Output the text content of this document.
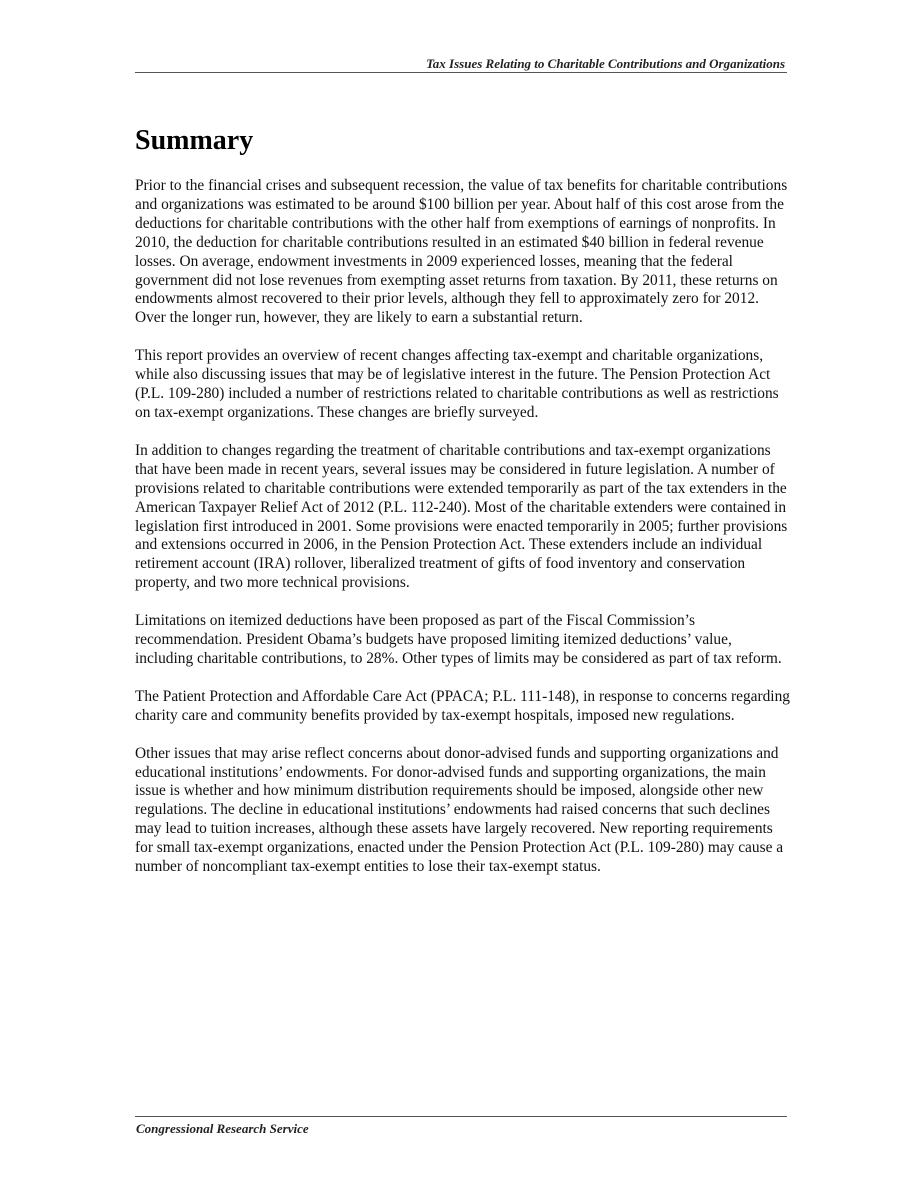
Tax Issues Relating to Charitable Contributions and Organizations
Summary

Prior to the financial crises and subsequent recession, the value of tax benefits for charitable contributions and organizations was estimated to be around $100 billion per year. About half of this cost arose from the deductions for charitable contributions with the other half from exemptions of earnings of nonprofits. In 2010, the deduction for charitable contributions resulted in an estimated $40 billion in federal revenue losses. On average, endowment investments in 2009 experienced losses, meaning that the federal government did not lose revenues from exempting asset returns from taxation. By 2011, these returns on endowments almost recovered to their prior levels, although they fell to approximately zero for 2012. Over the longer run, however, they are likely to earn a substantial return.

This report provides an overview of recent changes affecting tax-exempt and charitable organizations, while also discussing issues that may be of legislative interest in the future. The Pension Protection Act (P.L. 109-280) included a number of restrictions related to charitable contributions as well as restrictions on tax-exempt organizations. These changes are briefly surveyed.

In addition to changes regarding the treatment of charitable contributions and tax-exempt organizations that have been made in recent years, several issues may be considered in future legislation. A number of provisions related to charitable contributions were extended temporarily as part of the tax extenders in the American Taxpayer Relief Act of 2012 (P.L. 112-240). Most of the charitable extenders were contained in legislation first introduced in 2001. Some provisions were enacted temporarily in 2005; further provisions and extensions occurred in 2006, in the Pension Protection Act. These extenders include an individual retirement account (IRA) rollover, liberalized treatment of gifts of food inventory and conservation property, and two more technical provisions.

Limitations on itemized deductions have been proposed as part of the Fiscal Commission’s recommendation. President Obama’s budgets have proposed limiting itemized deductions’ value, including charitable contributions, to 28%. Other types of limits may be considered as part of tax reform.

The Patient Protection and Affordable Care Act (PPACA; P.L. 111-148), in response to concerns regarding charity care and community benefits provided by tax-exempt hospitals, imposed new regulations.

Other issues that may arise reflect concerns about donor-advised funds and supporting organizations and educational institutions’ endowments. For donor-advised funds and supporting organizations, the main issue is whether and how minimum distribution requirements should be imposed, alongside other new regulations. The decline in educational institutions’ endowments had raised concerns that such declines may lead to tuition increases, although these assets have largely recovered. New reporting requirements for small tax-exempt organizations, enacted under the Pension Protection Act (P.L. 109-280) may cause a number of noncompliant tax-exempt entities to lose their tax-exempt status.

Congressional Research Service
